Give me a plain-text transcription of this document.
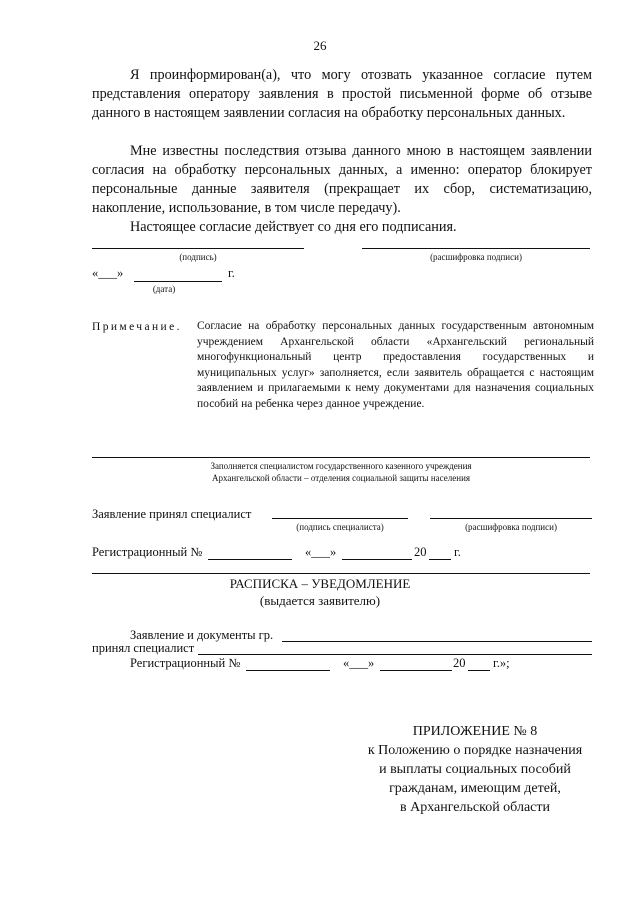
26
Я проинформирован(а), что могу отозвать указанное согласие путем представления оператору заявления в простой письменной форме об отзыве данного в настоящем заявлении согласия на обработку персональных данных.
Мне известны последствия отзыва данного мною в настоящем заявлении согласия на обработку персональных данных, а именно: оператор блокирует персональные данные заявителя (прекращает их сбор, систематизацию, накопление, использование, в том числе передачу).
Настоящее согласие действует со дня его подписания.
(подпись)	(расшифровка подписи)
«___»	г.
(дата)
Примечание. Согласие на обработку персональных данных государственным автономным учреждением Архангельской области «Архангельский региональный многофункциональный центр предоставления государственных и муниципальных услуг» заполняется, если заявитель обращается с настоящим заявлением и прилагаемыми к нему документами для назначения социальных пособий на ребенка через данное учреждение.
Заполняется специалистом государственного казенного учреждения
Архангельской области – отделения социальной защиты населения
Заявление принял специалист
(подпись специалиста)	(расшифровка подписи)
Регистрационный №	«___»	20 г.
РАСПИСКА – УВЕДОМЛЕНИЕ
(выдается заявителю)
Заявление и документы гр.
принял специалист
Регистрационный №	«___»	20 г.»;
ПРИЛОЖЕНИЕ № 8
к Положению о порядке назначения
и выплаты социальных пособий
гражданам, имеющим детей,
в Архангельской области
